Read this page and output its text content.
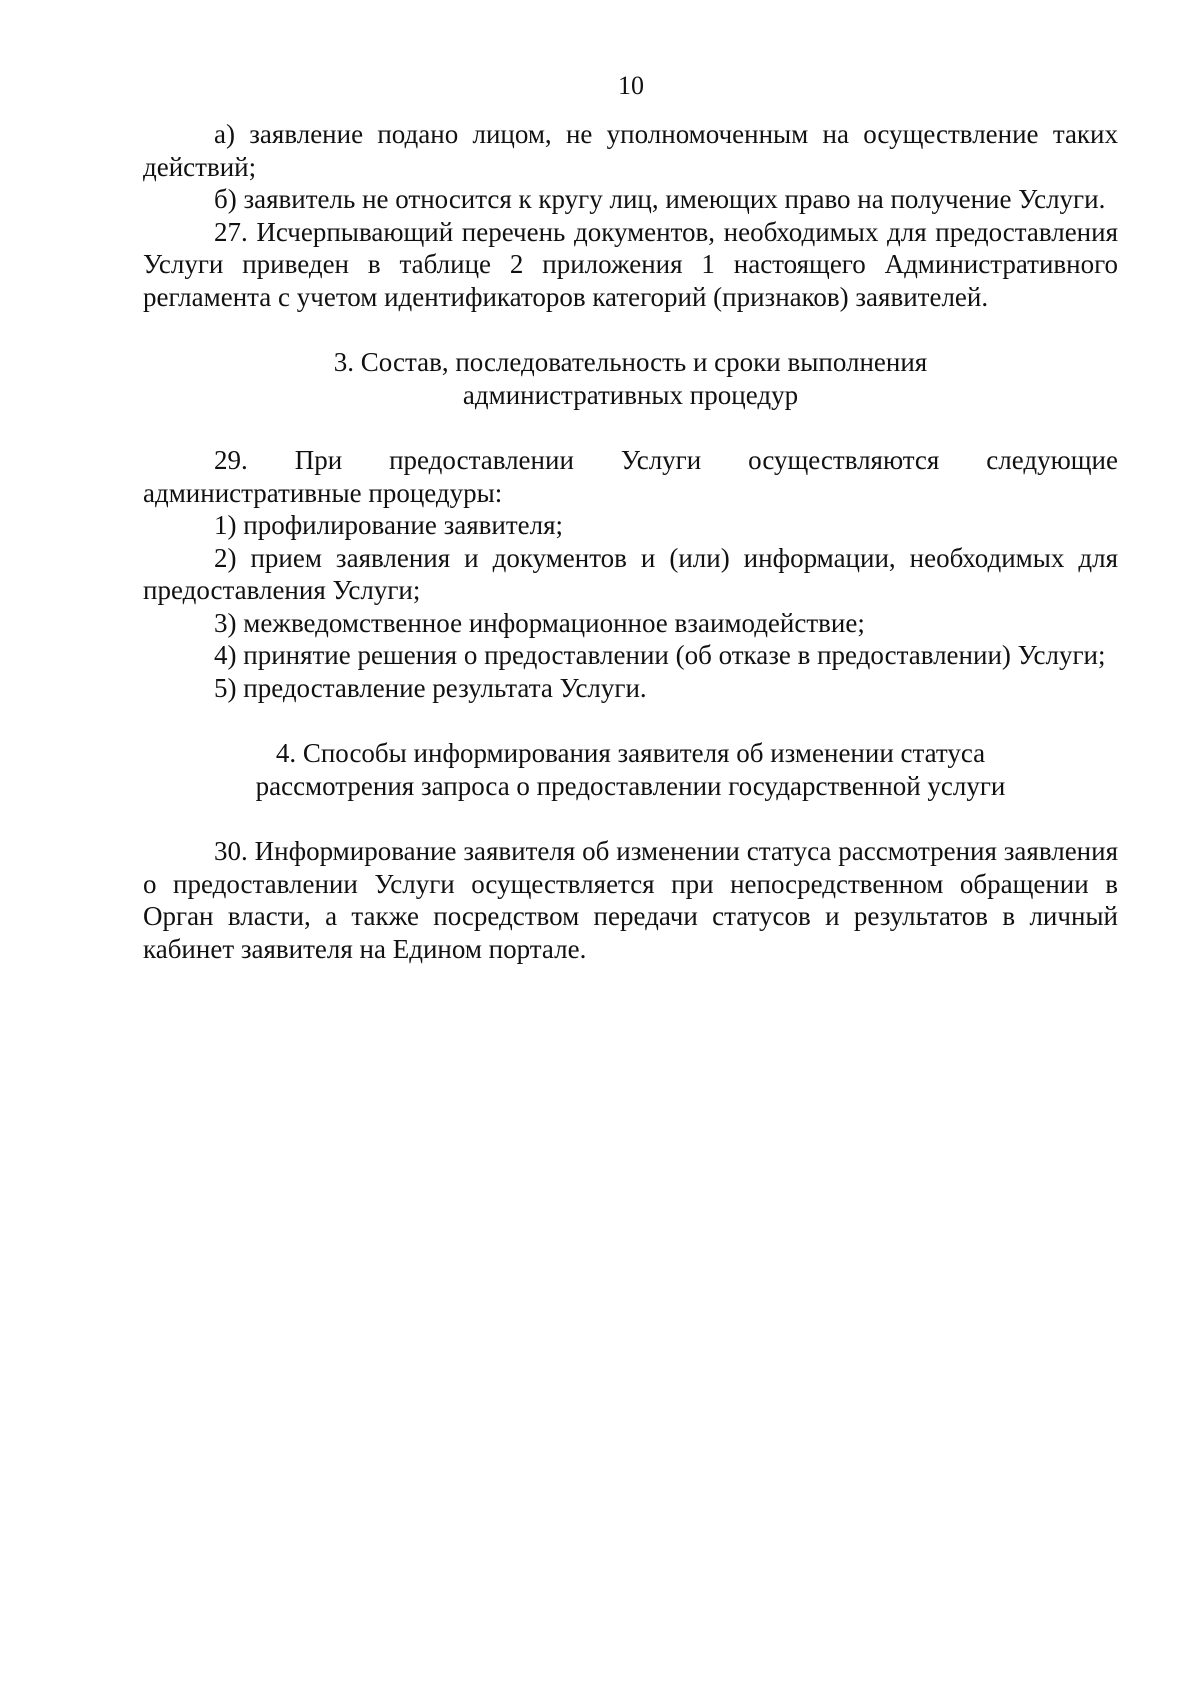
10

а) заявление подано лицом, не уполномоченным на осуществление таких действий;

б) заявитель не относится к кругу лиц, имеющих право на получение Услуги.

27. Исчерпывающий перечень документов, необходимых для предоставления Услуги приведен в таблице 2 приложения 1 настоящего Административного регламента с учетом идентификаторов категорий (признаков) заявителей.

3. Состав, последовательность и сроки выполнения
административных процедур

29. При предоставлении Услуги осуществляются следующие административные процедуры:

1) профилирование заявителя;

2) прием заявления и документов и (или) информации, необходимых для предоставления Услуги;

3) межведомственное информационное взаимодействие;

4) принятие решения о предоставлении (об отказе в предоставлении) Услуги;

5) предоставление результата Услуги.

4. Способы информирования заявителя об изменении статуса
рассмотрения запроса о предоставлении государственной услуги

30. Информирование заявителя об изменении статуса рассмотрения заявления о предоставлении Услуги осуществляется при непосредственном обращении в Орган власти, а также посредством передачи статусов и результатов в личный кабинет заявителя на Едином портале.
